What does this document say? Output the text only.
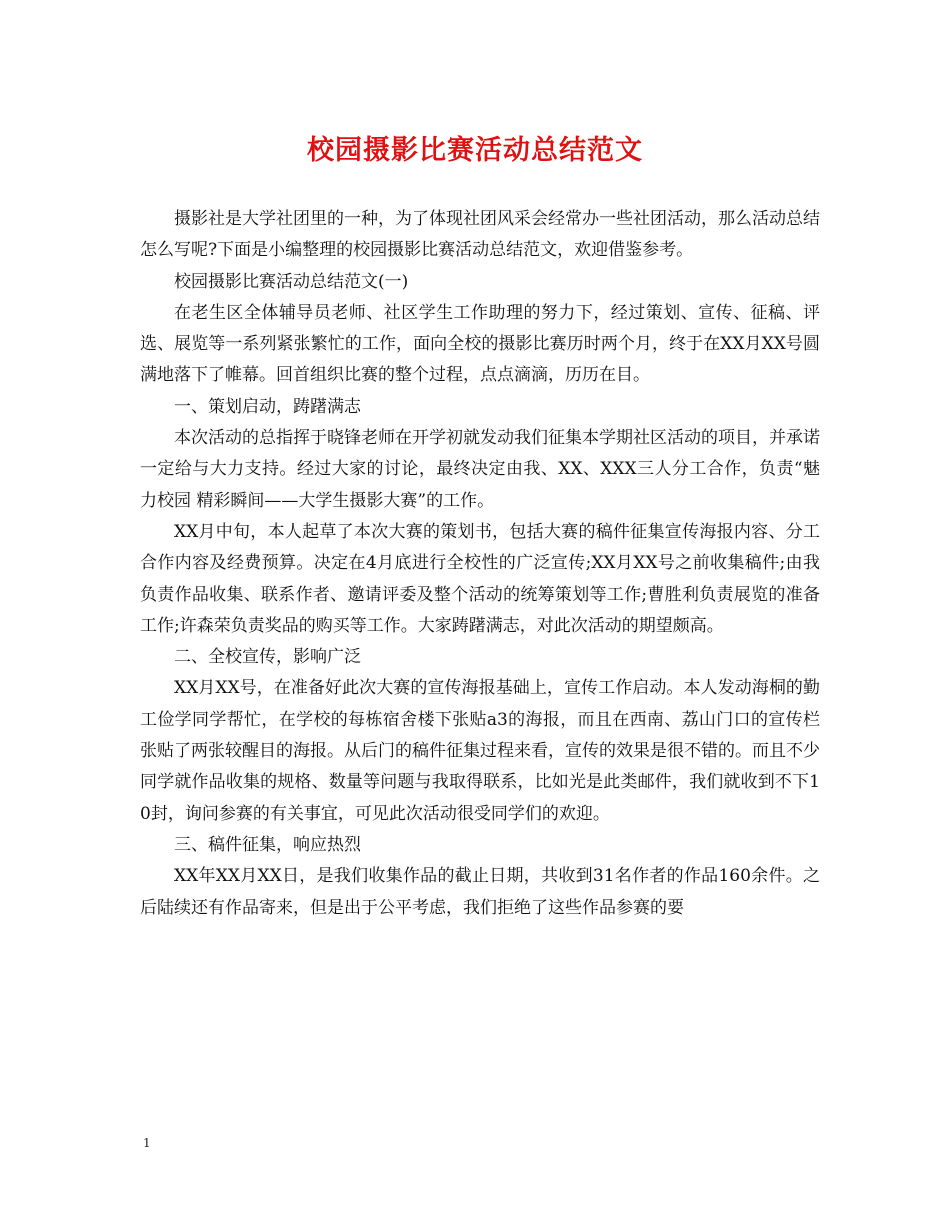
校园摄影比赛活动总结范文

摄影社是大学社团里的一种，为了体现社团风采会经常办一些社团活动，那么活动总结怎么写呢?下面是小编整理的校园摄影比赛活动总结范文，欢迎借鉴参考。

校园摄影比赛活动总结范文(一)

在老生区全体辅导员老师、社区学生工作助理的努力下，经过策划、宣传、征稿、评选、展览等一系列紧张繁忙的工作，面向全校的摄影比赛历时两个月，终于在XX月XX号圆满地落下了帷幕。回首组织比赛的整个过程，点点滴滴，历历在目。

一、策划启动，踌躇满志

本次活动的总指挥于晓锋老师在开学初就发动我们征集本学期社区活动的项目，并承诺一定给与大力支持。经过大家的讨论，最终决定由我、XX、XXX三人分工合作，负责“魅力校园 精彩瞬间——大学生摄影大赛”的工作。

XX月中旬，本人起草了本次大赛的策划书，包括大赛的稿件征集宣传海报内容、分工合作内容及经费预算。决定在4月底进行全校性的广泛宣传;XX月XX号之前收集稿件;由我负责作品收集、联系作者、邀请评委及整个活动的统筹策划等工作;曹胜利负责展览的准备工作;许森荣负责奖品的购买等工作。大家踌躇满志，对此次活动的期望颇高。

二、全校宣传，影响广泛

XX月XX号，在准备好此次大赛的宣传海报基础上，宣传工作启动。本人发动海桐的勤工俭学同学帮忙，在学校的每栋宿舍楼下张贴a3的海报，而且在西南、荔山门口的宣传栏张贴了两张较醒目的海报。从后门的稿件征集过程来看，宣传的效果是很不错的。而且不少同学就作品收集的规格、数量等问题与我取得联系，比如光是此类邮件，我们就收到不下10封，询问参赛的有关事宜，可见此次活动很受同学们的欢迎。

三、稿件征集，响应热烈

XX年XX月XX日，是我们收集作品的截止日期，共收到31名作者的作品160余件。之后陆续还有作品寄来，但是出于公平考虑，我们拒绝了这些作品参赛的要

1
